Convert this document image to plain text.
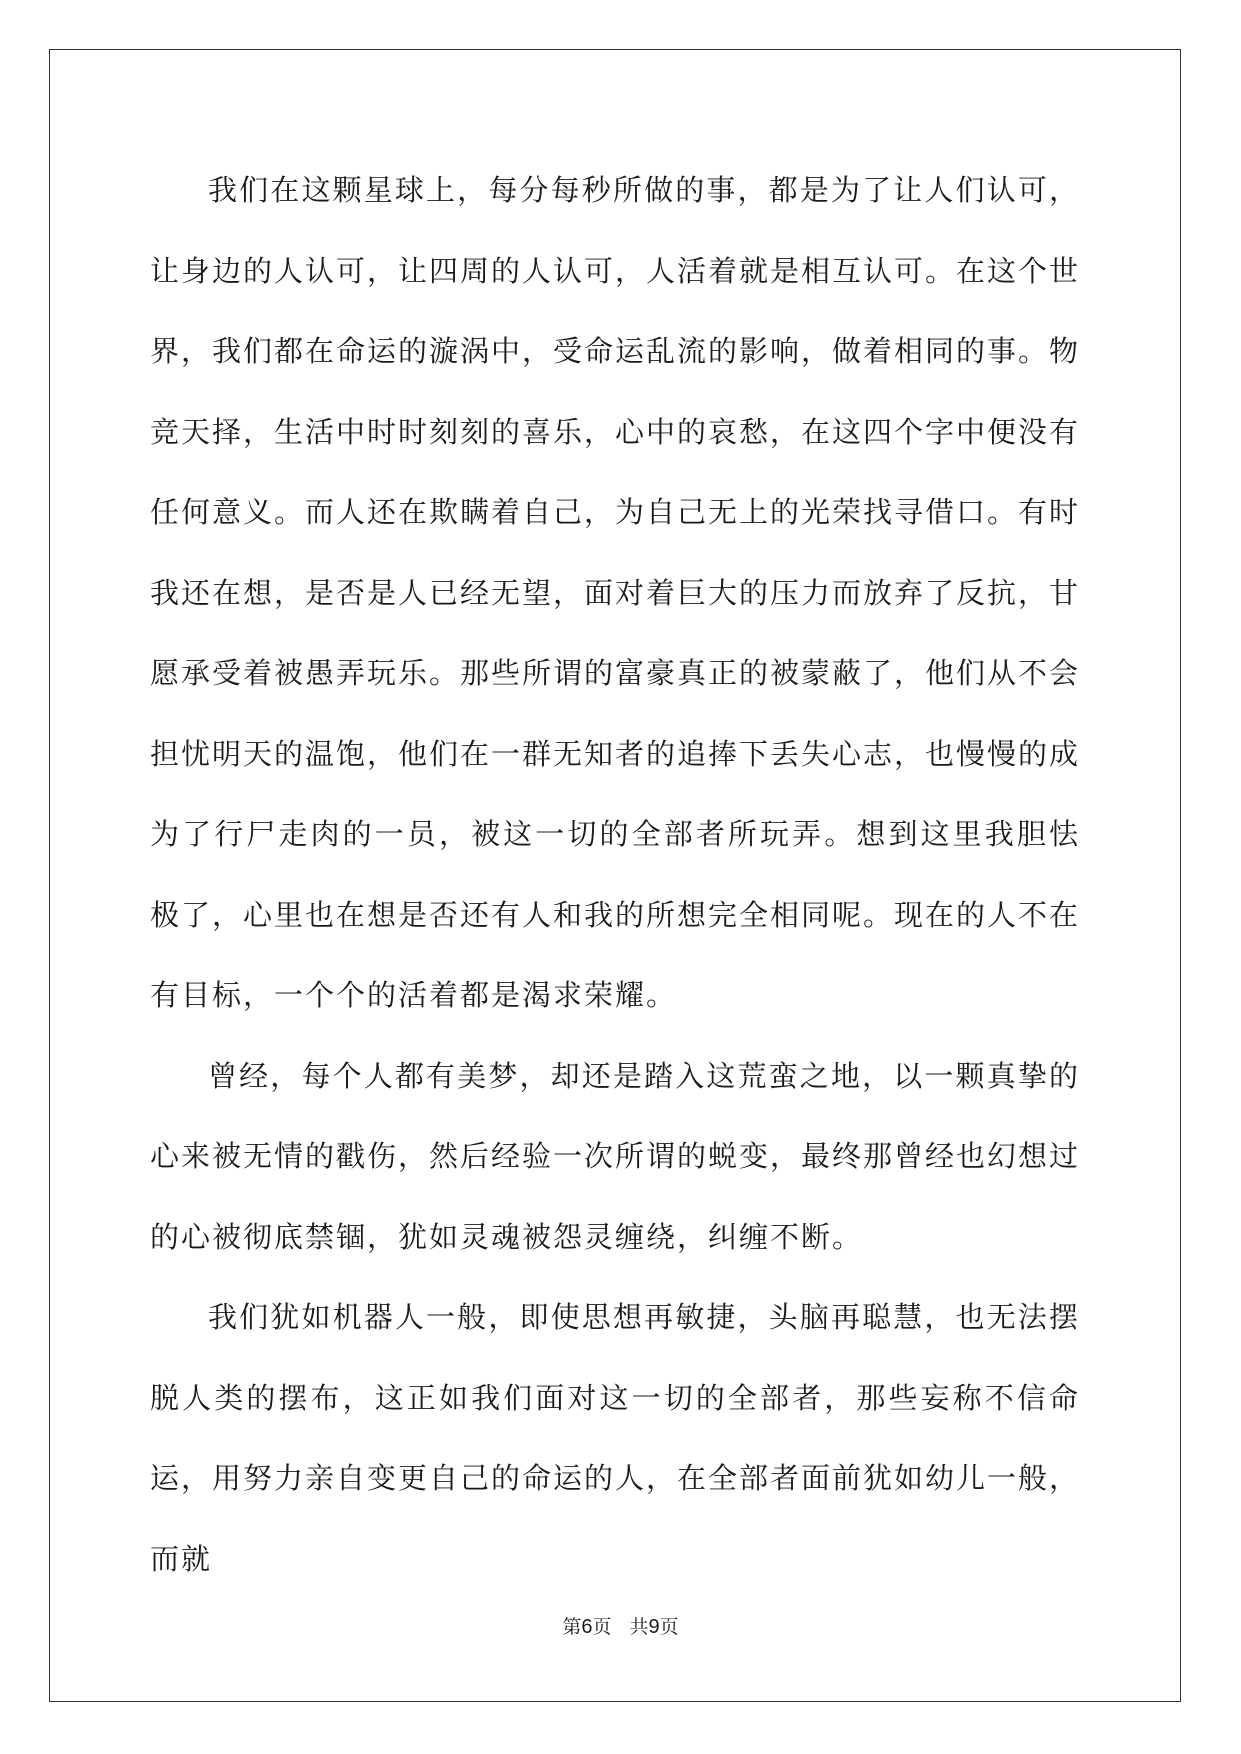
我们在这颗星球上，每分每秒所做的事，都是为了让人们认可，让身边的人认可，让四周的人认可，人活着就是相互认可。在这个世界，我们都在命运的漩涡中，受命运乱流的影响，做着相同的事。物竞天择，生活中时时刻刻的喜乐，心中的哀愁，在这四个字中便没有任何意义。而人还在欺瞒着自己，为自己无上的光荣找寻借口。有时我还在想，是否是人已经无望，面对着巨大的压力而放弃了反抗，甘愿承受着被愚弄玩乐。那些所谓的富豪真正的被蒙蔽了，他们从不会担忧明天的温饱，他们在一群无知者的追捧下丢失心志，也慢慢的成为了行尸走肉的一员，被这一切的全部者所玩弄。想到这里我胆怯 极了，心里也在想是否还有人和我的所想完全相同呢。现在的人不在有目标，一个个的活着都是渴求荣耀。

曾经，每个人都有美梦，却还是踏入这荒蛮之地，以一颗真挚的心来被无情的戳伤，然后经验一次所谓的蜕变，最终那曾经也幻想过的心被彻底禁锢，犹如灵魂被怨灵缠绕，纠缠不断。

我们犹如机器人一般，即使思想再敏捷，头脑再聪慧，也无法摆脱人类的摆布，这正如我们面对这一切的全部者，那些妄称不信命运，用努力亲自变更自己的命运的人，在全部者面前犹如幼儿一般，而就

第6页 共9页
